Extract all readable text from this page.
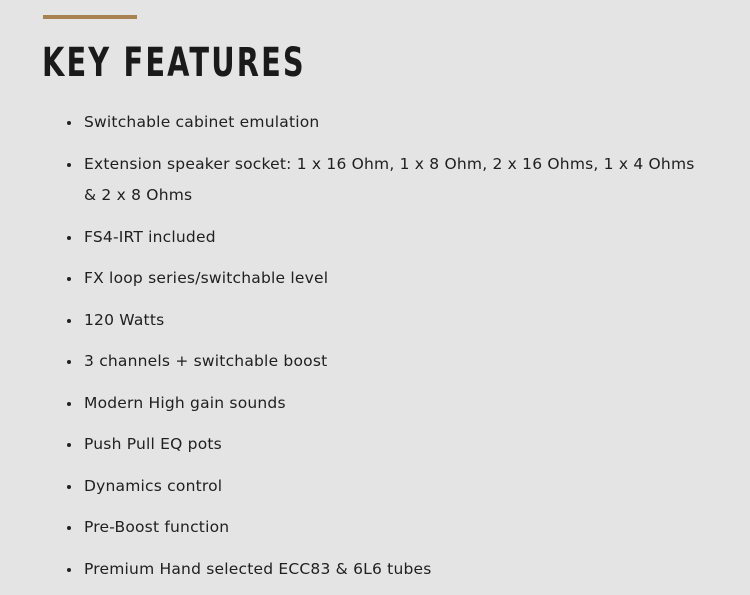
KEY FEATURES
Switchable cabinet emulation
Extension speaker socket: 1 x 16 Ohm, 1 x 8 Ohm, 2 x 16 Ohms, 1 x 4 Ohms & 2 x 8 Ohms
FS4-IRT included
FX loop series/switchable level
120 Watts
3 channels + switchable boost
Modern High gain sounds
Push Pull EQ pots
Dynamics control
Pre-Boost function
Premium Hand selected ECC83 & 6L6 tubes
